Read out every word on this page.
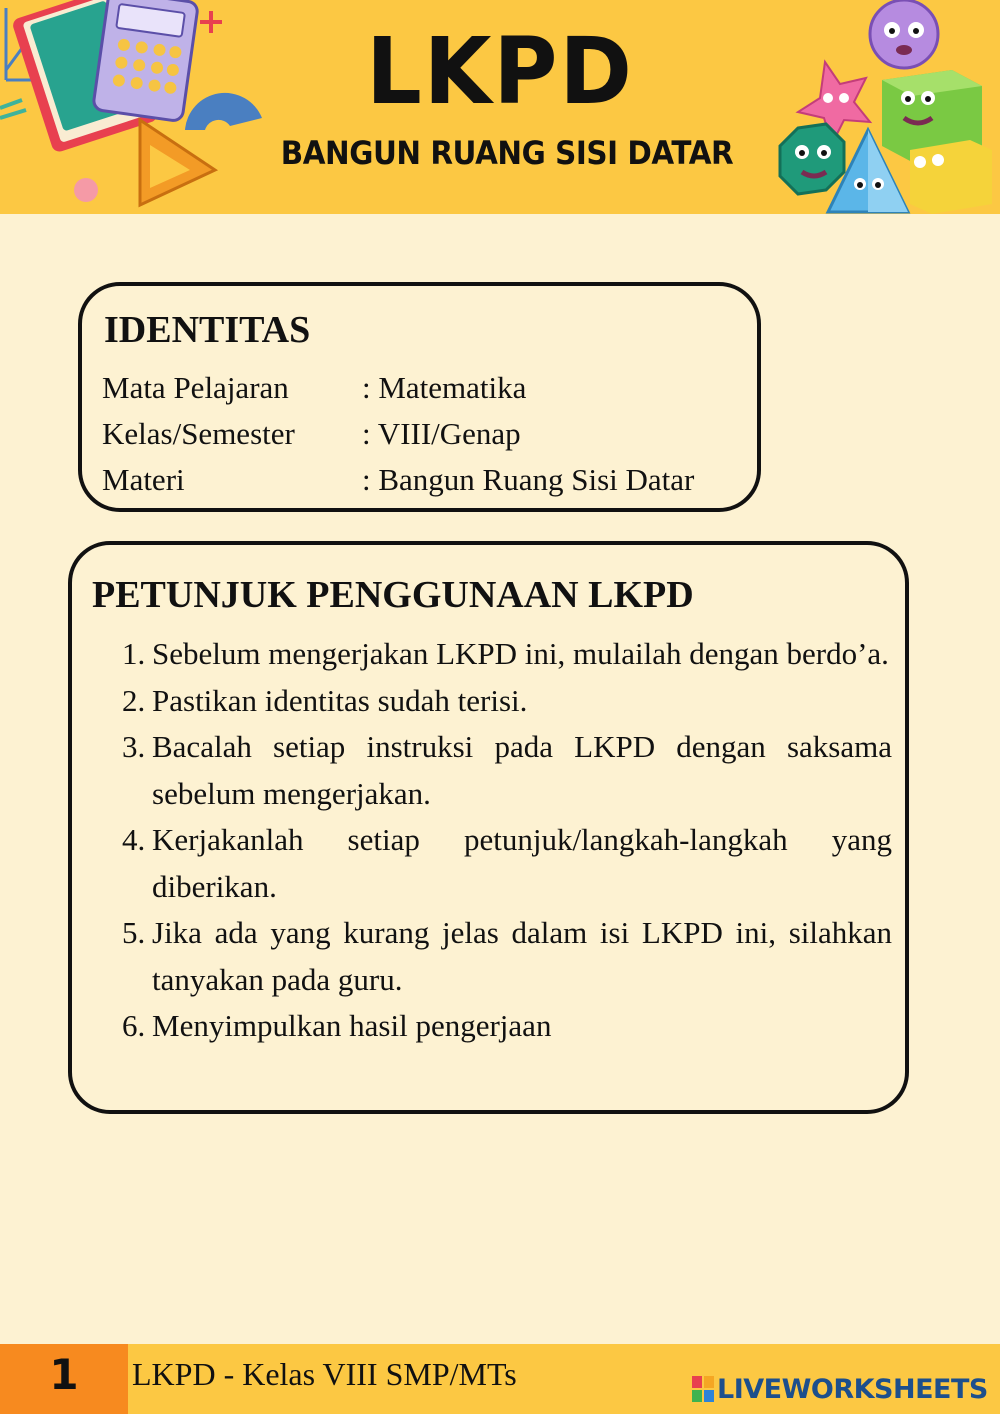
LKPD
BANGUN RUANG SISI DATAR
IDENTITAS
Mata Pelajaran : Matematika
Kelas/Semester : VIII/Genap
Materi	: Bangun Ruang Sisi Datar
PETUNJUK PENGGUNAAN LKPD
1. Sebelum mengerjakan LKPD ini, mulailah dengan berdo’a.
2. Pastikan identitas sudah terisi.
3. Bacalah setiap instruksi pada LKPD dengan saksama sebelum mengerjakan.
4. Kerjakanlah setiap petunjuk/langkah-langkah yang diberikan.
5. Jika ada yang kurang jelas dalam isi LKPD ini, silahkan tanyakan pada guru.
6. Menyimpulkan hasil pengerjaan
1	LKPD - Kelas VIII SMP/MTs	LIVEWORKSHEETS
